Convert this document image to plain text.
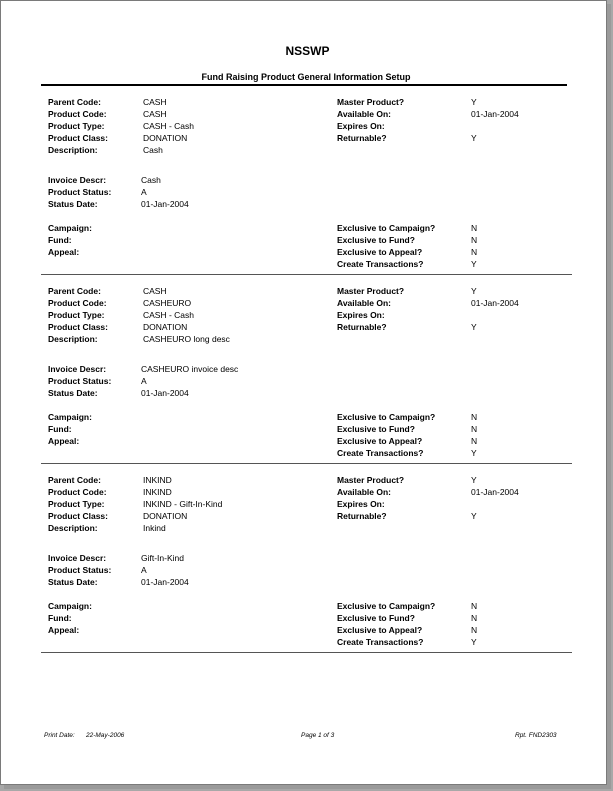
NSSWP
Fund Raising Product General Information Setup
Parent Code:	CASH
Product Code:	CASH
Product Type:	CASH - Cash
Product Class:	DONATION
Description:	Cash
Invoice Descr:	Cash
Product Status:	A
Status Date:	01-Jan-2004
Campaign:
Fund:
Appeal:
Master Product?	Y
Available On:	01-Jan-2004
Expires On:
Returnable?	Y
Exclusive to Campaign?	N
Exclusive to Fund?	N
Exclusive to Appeal?	N
Create Transactions?	Y
Parent Code:	CASH
Product Code:	CASHEURO
Product Type:	CASH - Cash
Product Class:	DONATION
Description:	CASHEURO long desc
Invoice Descr:	CASHEURO invoice desc
Product Status:	A
Status Date:	01-Jan-2004
Campaign:
Fund:
Appeal:
Master Product?	Y
Available On:	01-Jan-2004
Expires On:
Returnable?	Y
Exclusive to Campaign?	N
Exclusive to Fund?	N
Exclusive to Appeal?	N
Create Transactions?	Y
Parent Code:	INKIND
Product Code:	INKIND
Product Type:	INKIND - Gift-In-Kind
Product Class:	DONATION
Description:	Inkind
Invoice Descr:	Gift-In-Kind
Product Status:	A
Status Date:	01-Jan-2004
Campaign:
Fund:
Appeal:
Master Product?	Y
Available On:	01-Jan-2004
Expires On:
Returnable?	Y
Exclusive to Campaign?	N
Exclusive to Fund?	N
Exclusive to Appeal?	N
Create Transactions?	Y
Print Date: 22-May-2006	Page 1 of 3	Rpt. FND2303
